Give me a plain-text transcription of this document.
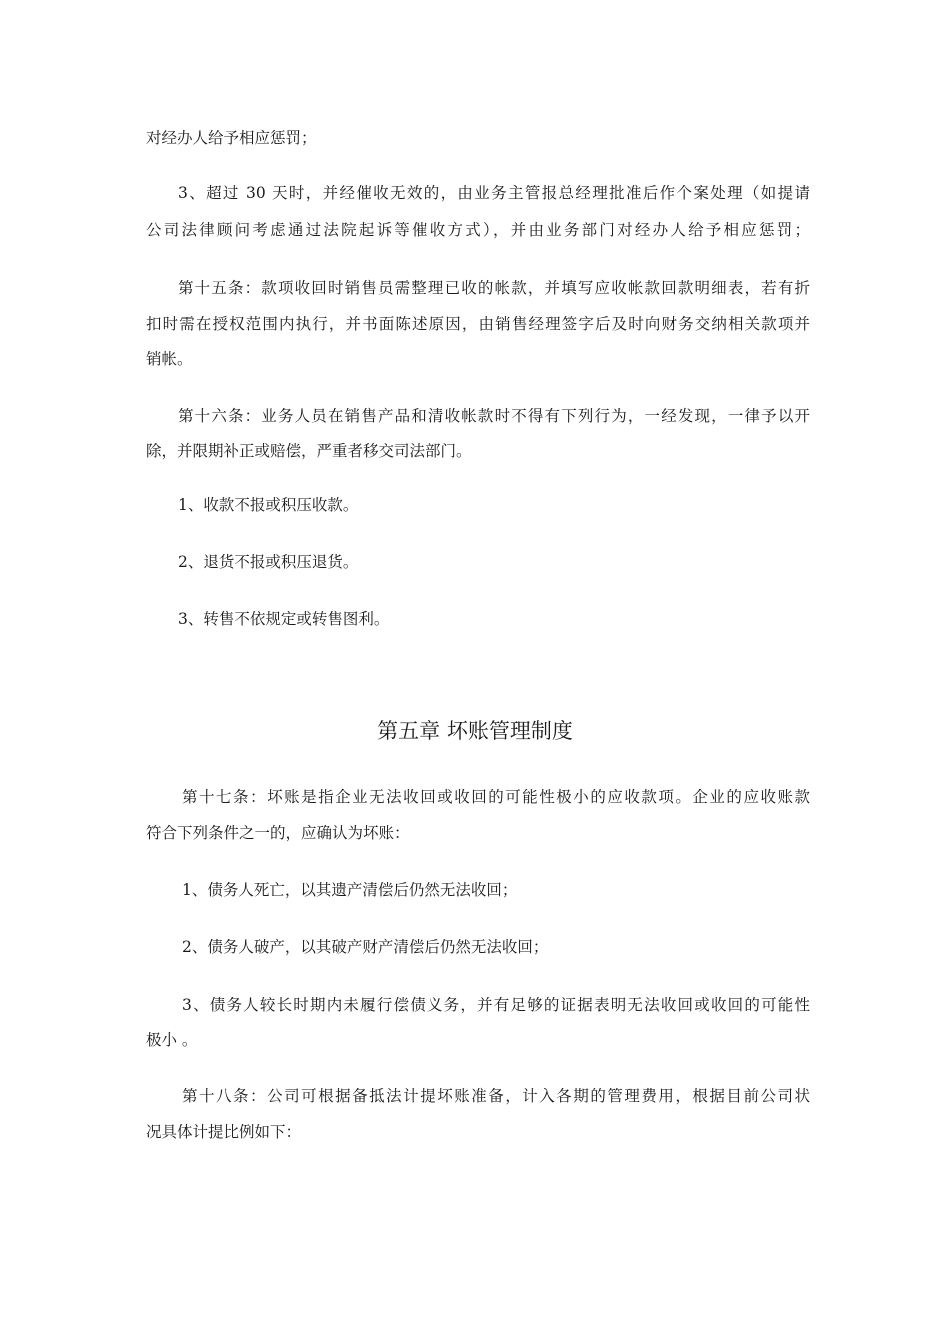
对经办人给予相应惩罚；
3、超过 30 天时，并经催收无效的，由业务主管报总经理批准后作个案处理（如提请
公司法律顾问考虑通过法院起诉等催收方式），并由业务部门对经办人给予相应惩罚；
第十五条：款项收回时销售员需整理已收的帐款，并填写应收帐款回款明细表，若有折
扣时需在授权范围内执行，并书面陈述原因，由销售经理签字后及时向财务交纳相关款项并
销帐。
第十六条：业务人员在销售产品和清收帐款时不得有下列行为，一经发现，一律予以开
除，并限期补正或赔偿，严重者移交司法部门。
1、收款不报或积压收款。
2、退货不报或积压退货。
3、转售不依规定或转售图利。
第五章 坏账管理制度
第十七条：坏账是指企业无法收回或收回的可能性极小的应收款项。企业的应收账款
符合下列条件之一的，应确认为坏账：
1、债务人死亡，以其遗产清偿后仍然无法收回；
2、债务人破产，以其破产财产清偿后仍然无法收回；
3、债务人较长时期内未履行偿债义务，并有足够的证据表明无法收回或收回的可能性
极小 。
第十八条：公司可根据备抵法计提坏账准备，计入各期的管理费用，根据目前公司状
况具体计提比例如下：
